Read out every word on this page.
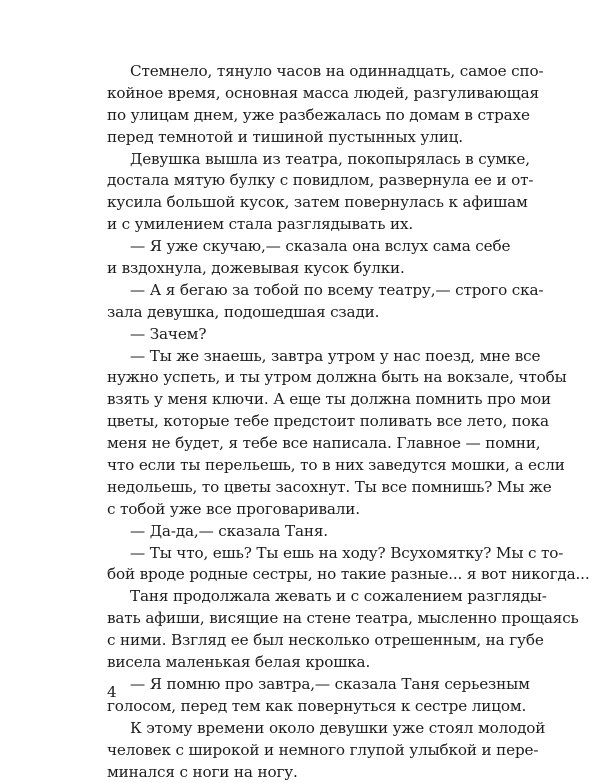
Стемнело, тянуло часов на одиннадцать, самое спо-
койное время, основная масса людей, разгуливающая
по улицам днем, уже разбежалась по домам в страхе
перед темнотой и тишиной пустынных улиц.
Девушка вышла из театра, покопырялась в сумке,
достала мятую булку с повидлом, развернула ее и от-
кусила большой кусок, затем повернулась к афишам
и с умилением стала разглядывать их.
— Я уже скучаю,— сказала она вслух сама себе
и вздохнула, дожевывая кусок булки.
— А я бегаю за тобой по всему театру,— строго ска-
зала девушка, подошедшая сзади.
— Зачем?
— Ты же знаешь, завтра утром у нас поезд, мне все
нужно успеть, и ты утром должна быть на вокзале, чтобы
взять у меня ключи. А еще ты должна помнить про мои
цветы, которые тебе предстоит поливать все лето, пока
меня не будет, я тебе все написала. Главное — помни,
что если ты перельешь, то в них заведутся мошки, а если
недольешь, то цветы засохнут. Ты все помнишь? Мы же
с тобой уже все проговаривали.
— Да-да,— сказала Таня.
— Ты что, ешь? Ты ешь на ходу? Всухомятку? Мы с то-
бой вроде родные сестры, но такие разные... я вот никогда...
Таня продолжала жевать и с сожалением разгляды-
вать афиши, висящие на стене театра, мысленно прощаясь
с ними. Взгляд ее был несколько отрешенным, на губе
висела маленькая белая крошка.
— Я помню про завтра,— сказала Таня серьезным
голосом, перед тем как повернуться к сестре лицом.
К этому времени около девушки уже стоял молодой
человек с широкой и немного глупой улыбкой и пере-
минался с ноги на ногу.
4
